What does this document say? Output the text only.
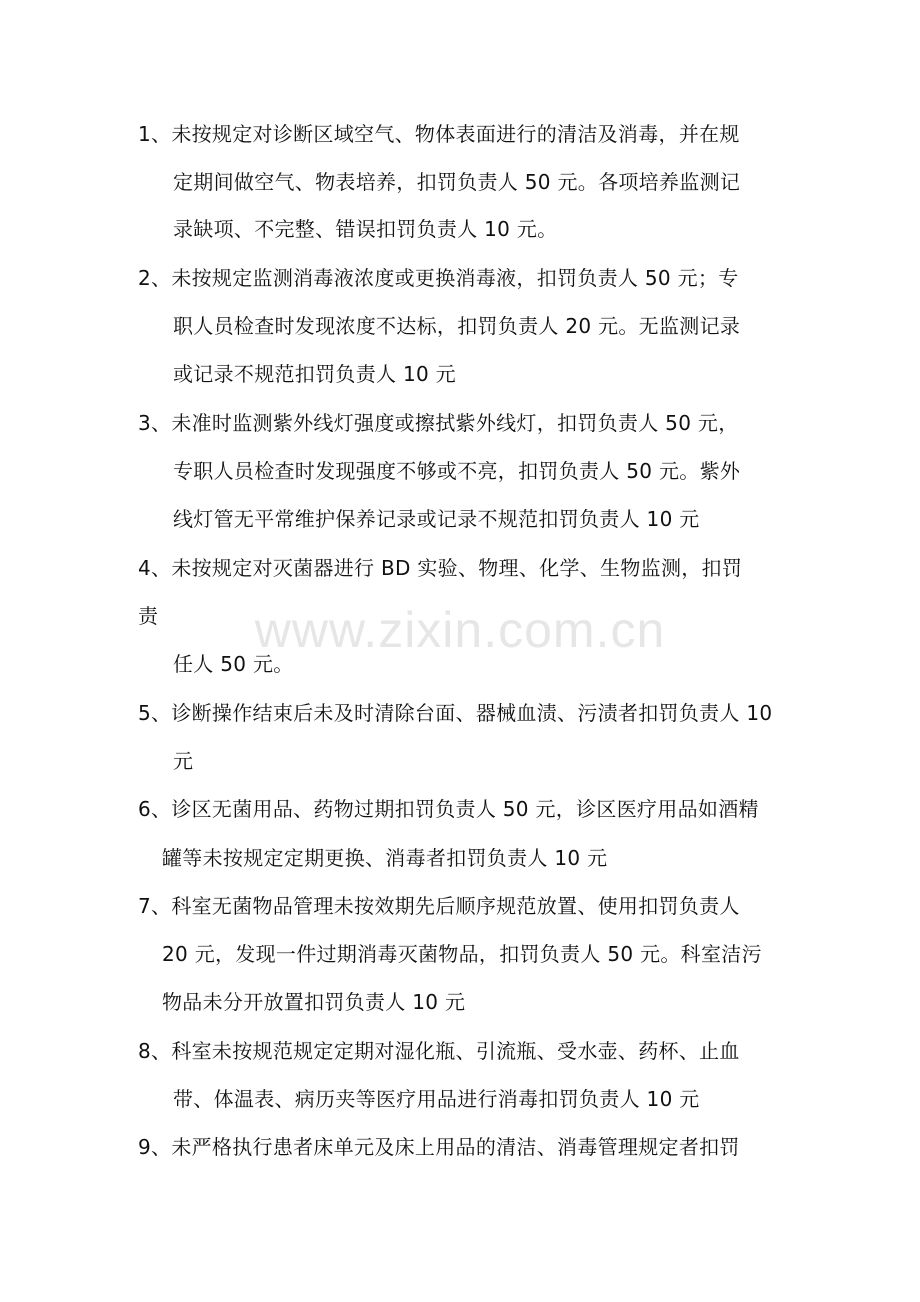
1、未按规定对诊断区域空气、物体表面进行的清洁及消毒，并在规
定期间做空气、物表培养，扣罚负责人 50 元。各项培养监测记
录缺项、不完整、错误扣罚负责人 10 元。
2、未按规定监测消毒液浓度或更换消毒液，扣罚负责人 50 元；专
职人员检查时发现浓度不达标，扣罚负责人 20 元。无监测记录
或记录不规范扣罚负责人 10 元
3、未准时监测紫外线灯强度或擦拭紫外线灯，扣罚负责人 50 元，
专职人员检查时发现强度不够或不亮，扣罚负责人 50 元。紫外
线灯管无平常维护保养记录或记录不规范扣罚负责人 10 元
4、未按规定对灭菌器进行 BD 实验、物理、化学、生物监测，扣罚
责
任人 50 元。
5、诊断操作结束后未及时清除台面、器械血渍、污渍者扣罚负责人 10
元
6、诊区无菌用品、药物过期扣罚负责人 50 元，诊区医疗用品如酒精
罐等未按规定定期更换、消毒者扣罚负责人 10 元
7、科室无菌物品管理未按效期先后顺序规范放置、使用扣罚负责人
20 元，发现一件过期消毒灭菌物品，扣罚负责人 50 元。科室洁污
物品未分开放置扣罚负责人 10 元
8、科室未按规范规定定期对湿化瓶、引流瓶、受水壶、药杯、止血
带、体温表、病历夹等医疗用品进行消毒扣罚负责人 10 元
9、未严格执行患者床单元及床上用品的清洁、消毒管理规定者扣罚
www.zixin.com.cn
